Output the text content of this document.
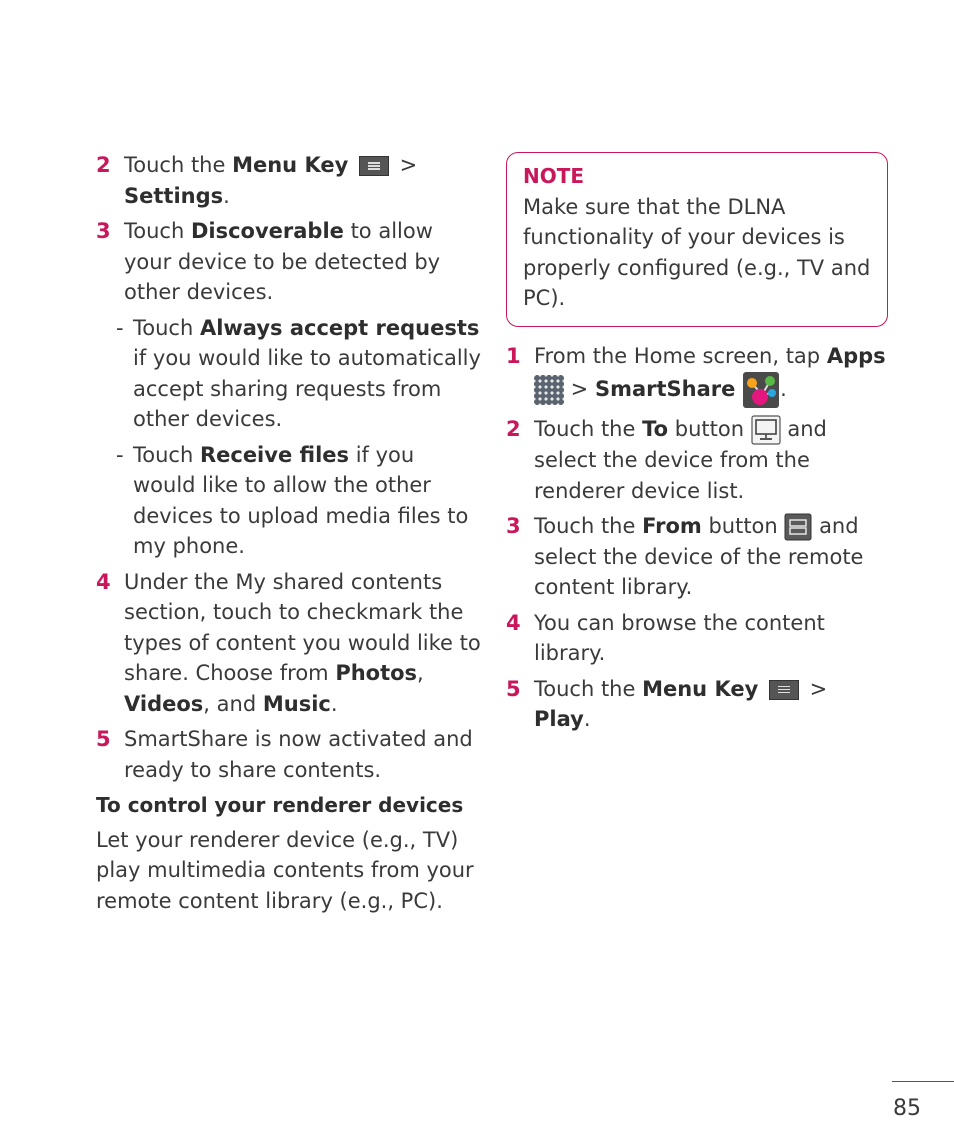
2 Touch the Menu Key  >
Settings.
3 Touch Discoverable to allow your device to be detected by other devices.
- Touch Always accept requests if you would like to automatically accept sharing requests from other devices.
- Touch Receive files if you would like to allow the other devices to upload media files to my phone.
4 Under the My shared contents section, touch to checkmark the types of content you would like to share. Choose from Photos, Videos, and Music.
5 SmartShare is now activated and ready to share contents.
To control your renderer devices
Let your renderer device (e.g., TV) play multimedia contents from your remote content library (e.g., PC).
NOTE
Make sure that the DLNA functionality of your devices is properly configured (e.g., TV and PC).
1 From the Home screen, tap Apps
> SmartShare .
2 Touch the To button  and select the device from the renderer device list.
3 Touch the From button  and select the device of the remote content library.
4 You can browse the content library.
5 Touch the Menu Key  > Play.
85
